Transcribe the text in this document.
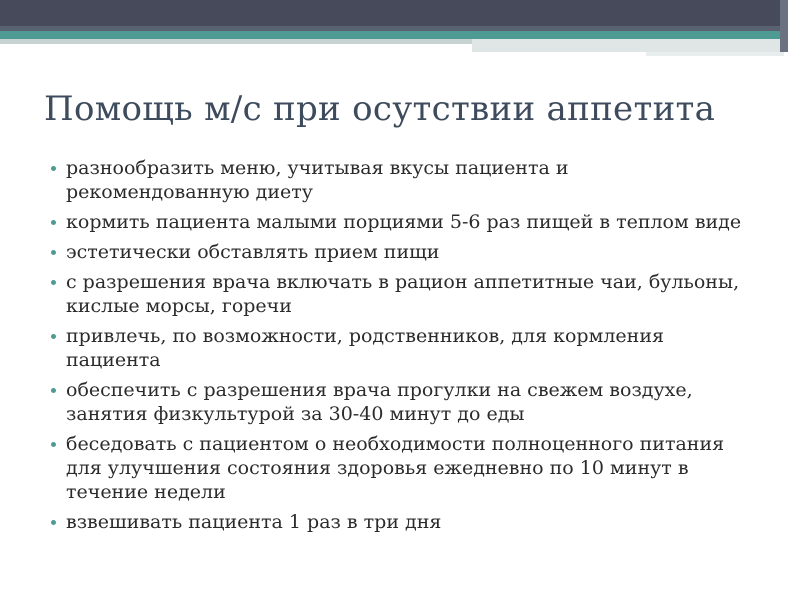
Помощь м/с при осутствии аппетита
разнообразить меню, учитывая вкусы пациента и рекомендованную диету
кормить пациента малыми порциями 5-6 раз пищей в теплом виде
эстетически обставлять прием пищи
с разрешения врача включать в рацион аппетитные чаи, бульоны, кислые морсы, горечи
привлечь, по возможности, родственников, для кормления пациента
обеспечить с разрешения врача прогулки на свежем воздухе, занятия физкультурой за 30-40 минут до еды
беседовать с пациентом о необходимости полноценного питания для улучшения состояния здоровья ежедневно по 10 минут в течение недели
взвешивать пациента 1 раз в три дня
